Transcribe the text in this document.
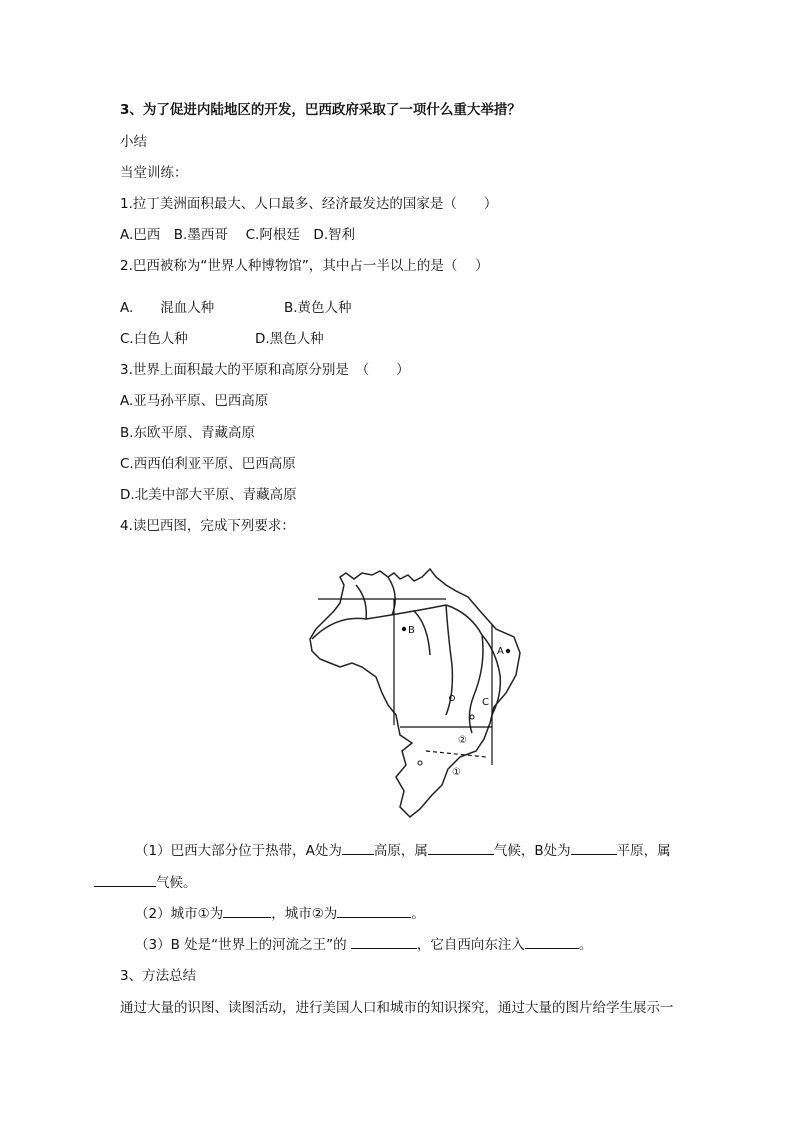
3、为了促进内陆地区的开发，巴西政府采取了一项什么重大举措？
小结
当堂训练：
1.拉丁美洲面积最大、人口最多、经济最发达的国家是（　　）
A.巴西　B.墨西哥　 C.阿根廷　D.智利
2.巴西被称为“世界人种博物馆”，其中占一半以上的是（　 ）
A.　　混血人种	B.黄色人种
C.白色人种	D.黑色人种
3.世界上面积最大的平原和高原分别是　（　　）
A.亚马孙平原、巴西高原
B.东欧平原、青藏高原
C.西西伯利亚平原、巴西高原
D.北美中部大平原、青藏高原
4.读巴西图，完成下列要求：
B
A
C
②
①
（1）巴西大部分位于热带，A处为 高原，属	气候，B处为	平原，属
气候。
（2）城市①为	，城市②为	。
（3）B 处是“世界上的河流之王”的	，它自西向东注入	。
3、方法总结
通过大量的识图、读图活动，进行美国人口和城市的知识探究，通过大量的图片给学生展示一
